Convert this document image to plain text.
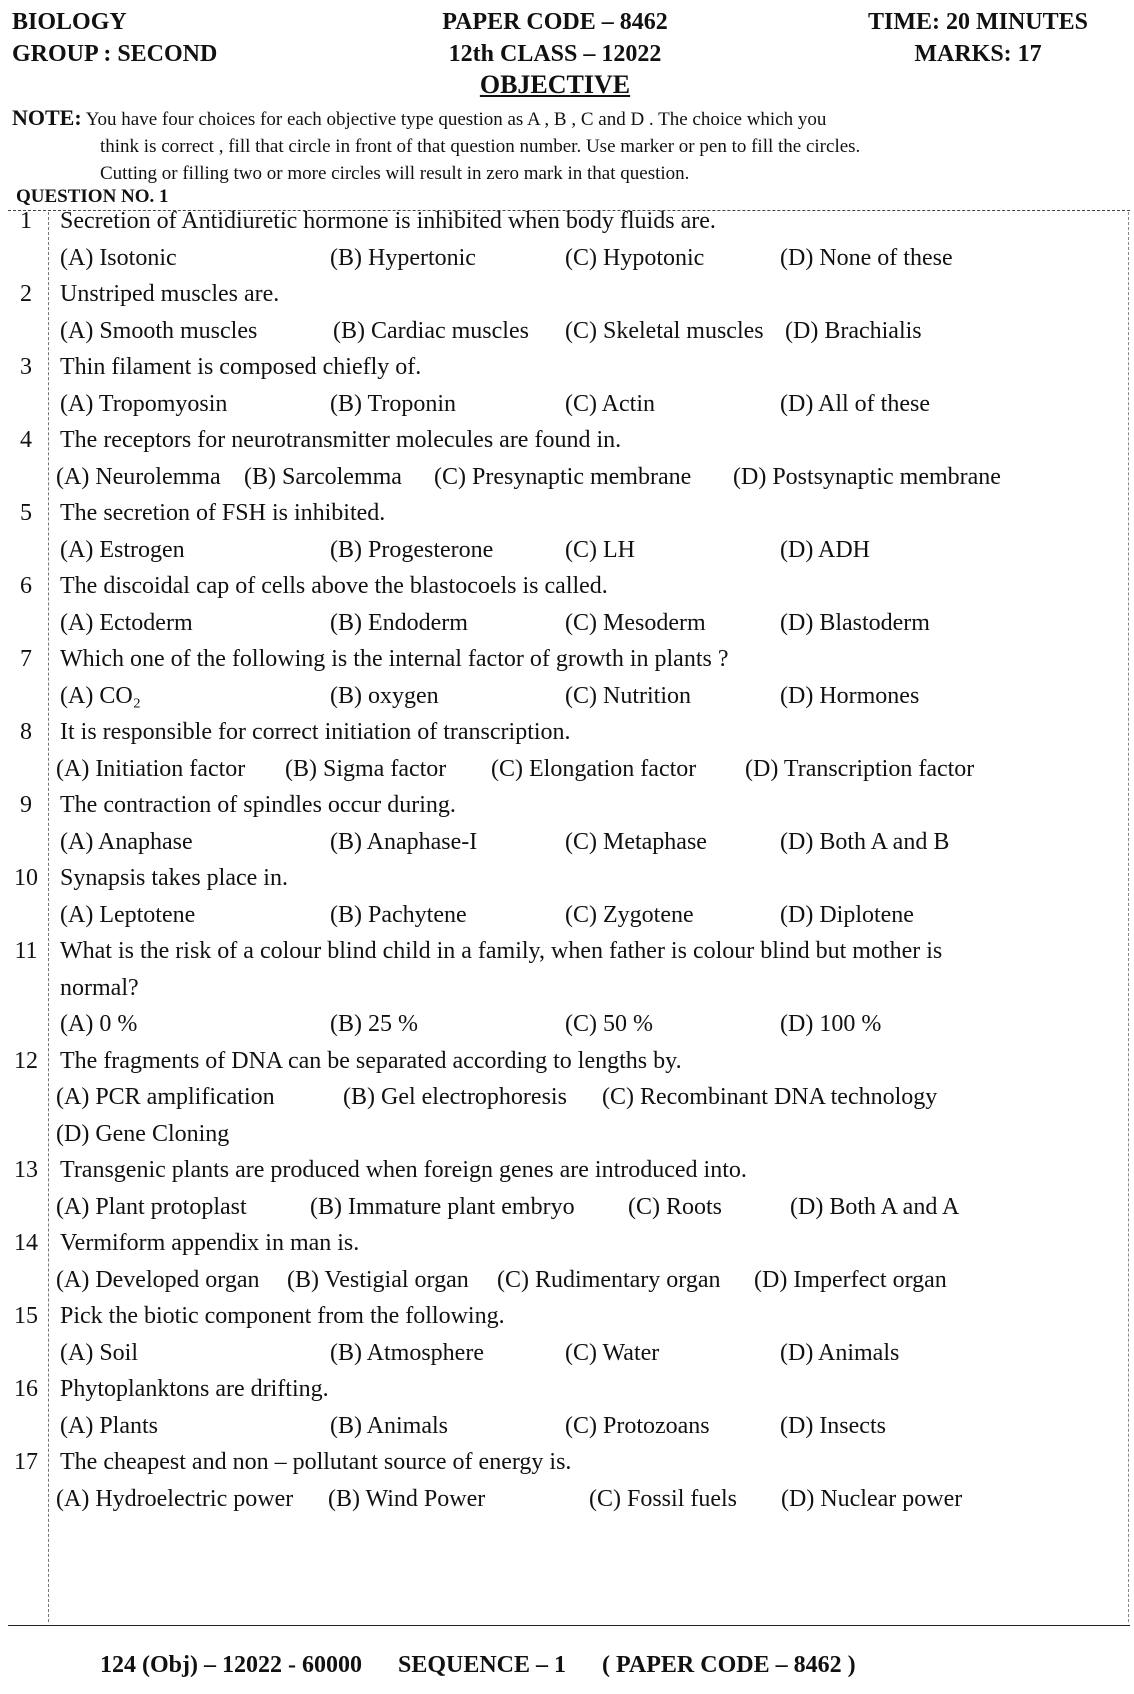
BIOLOGY
GROUP : SECOND
PAPER CODE – 8462
12th CLASS – 12022
TIME: 20 MINUTES
MARKS: 17
OBJECTIVE
NOTE: You have four choices for each objective type question as A , B , C and D . The choice which you
think is correct , fill that circle in front of that question number. Use marker or pen to fill the circles.
Cutting or filling two or more circles will result in zero mark in that question.
QUESTION NO. 1
1	Secretion of Antidiuretic hormone is inhibited when body fluids are.
(A) Isotonic	(B) Hypertonic	(C) Hypotonic	(D) None of these
2	Unstriped muscles are.
(A) Smooth muscles	(B) Cardiac muscles (C) Skeletal muscles (D) Brachialis
3	Thin filament is composed chiefly of.
(A) Tropomyosin	(B) Troponin	(C) Actin	(D) All of these
4	The receptors for neurotransmitter molecules are found in.
(A) Neurolemma (B) Sarcolemma (C) Presynaptic membrane (D) Postsynaptic membrane
5	The secretion of FSH is inhibited.
(A) Estrogen	(B) Progesterone	(C) LH	(D) ADH
6	The discoidal cap of cells above the blastocoels is called.
(A) Ectoderm	(B) Endoderm	(C) Mesoderm	(D) Blastoderm
7	Which one of the following is the internal factor of growth in plants ?
(A) CO₂	(B) oxygen	(C) Nutrition	(D) Hormones
8	It is responsible for correct initiation of transcription.
(A) Initiation factor (B) Sigma factor (C) Elongation factor (D) Transcription factor
9	The contraction of spindles occur during.
(A) Anaphase	(B) Anaphase-I	(C) Metaphase	(D) Both A and B
10 Synapsis takes place in.
(A) Leptotene	(B) Pachytene	(C) Zygotene	(D) Diplotene
11 What is the risk of a colour blind child in a family, when father is colour blind but mother is
normal?
(A) 0 %	(B) 25 %	(C) 50 %	(D) 100 %
12 The fragments of DNA can be separated according to lengths by.
(A) PCR amplification	(B) Gel electrophoresis (C) Recombinant DNA technology
(D) Gene Cloning
13 Transgenic plants are produced when foreign genes are introduced into.
(A) Plant protoplast	(B) Immature plant embryo (C) Roots	(D) Both A and A
14 Vermiform appendix in man is.
(A) Developed organ (B) Vestigial organ (C) Rudimentary organ (D) Imperfect organ
15 Pick the biotic component from the following.
(A) Soil	(B) Atmosphere	(C) Water	(D) Animals
16 Phytoplanktons are drifting.
(A) Plants	(B) Animals	(C) Protozoans	(D) Insects
17 The cheapest and non – pollutant source of energy is.
(A) Hydroelectric power (B) Wind Power	(C) Fossil fuels (D) Nuclear power
124 (Obj) – 12022 - 60000 SEQUENCE – 1 ( PAPER CODE – 8462 )
